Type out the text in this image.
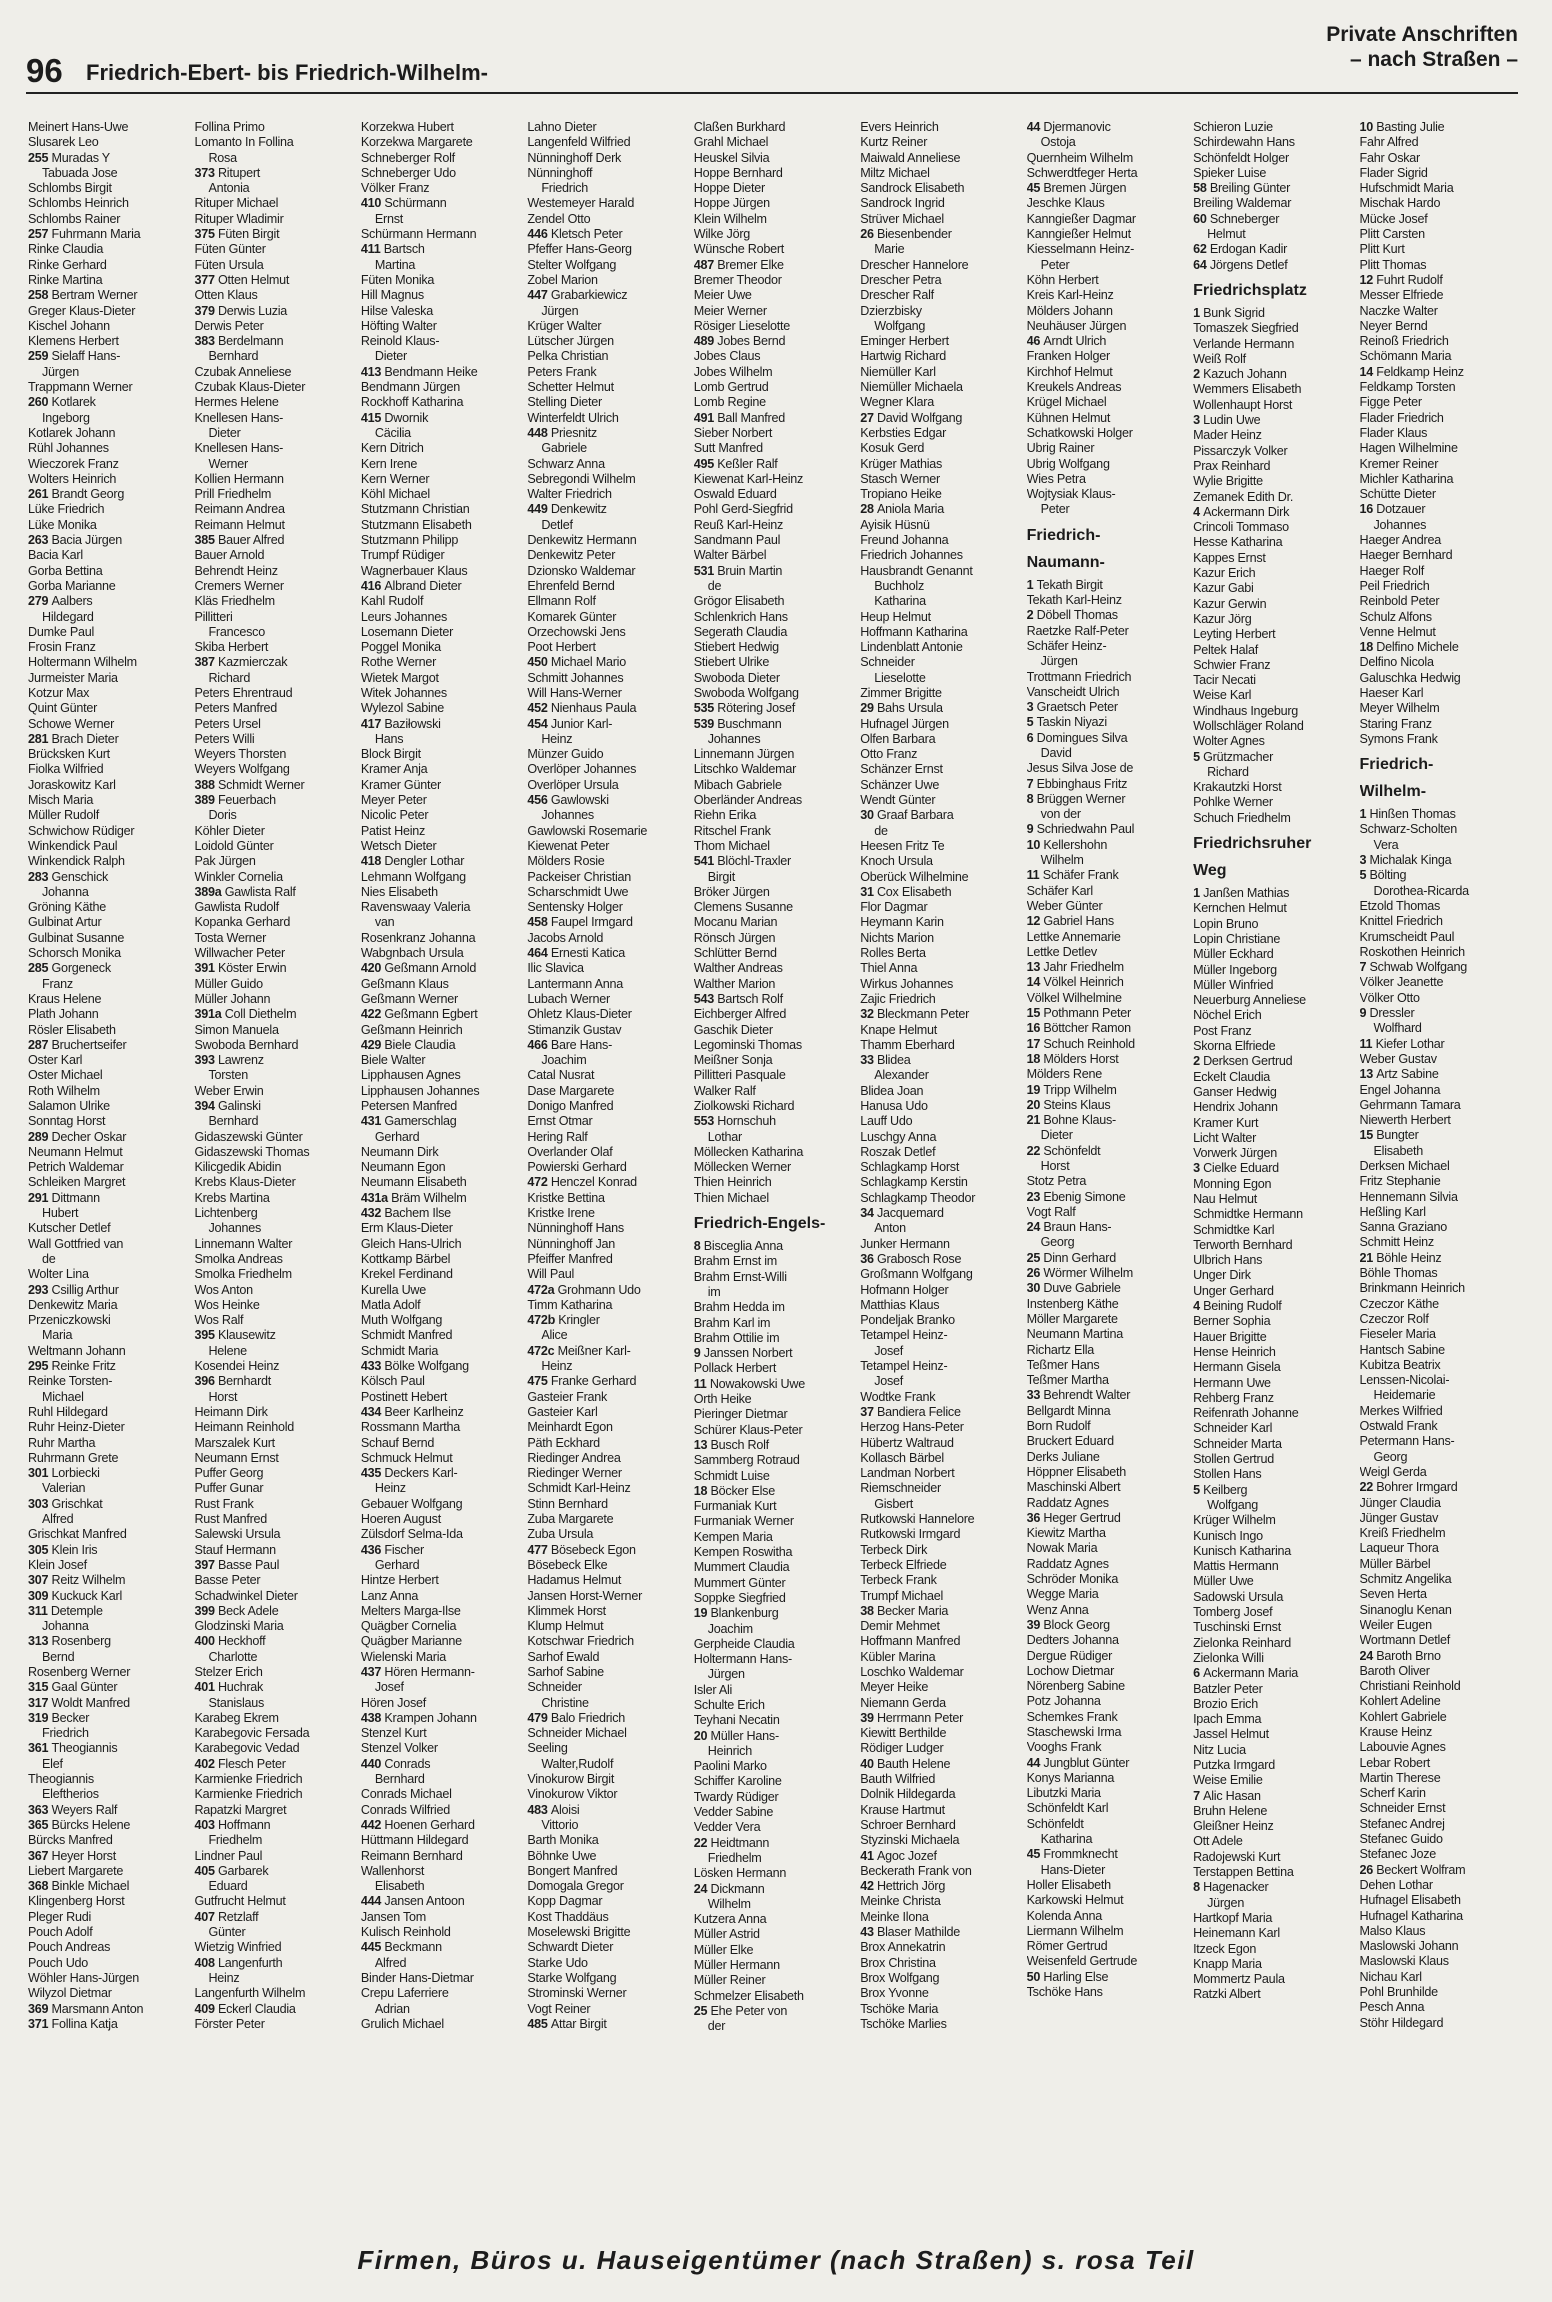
96 Friedrich-Ebert- bis Friedrich-Wilhelm-
Private Anschriften
– nach Straßen –
Meinert Hans-Uwe
Slusarek Leo
255 Muradas Y
Tabuada Jose
Schlombs Birgit
Schlombs Heinrich
Schlombs Rainer
257 Fuhrmann Maria
Rinke Claudia
Rinke Gerhard
Rinke Martina
258 Bertram Werner
Greger Klaus-Dieter
Kischel Johann
Klemens Herbert
259 Sielaff Hans-
Jürgen
Trappmann Werner
260 Kotlarek
Ingeborg
Kotlarek Johann
Rühl Johannes
Wieczorek Franz
Wolters Heinrich
261 Brandt Georg
Lüke Friedrich
Lüke Monika
263 Bacia Jürgen
Bacia Karl
Gorba Bettina
Gorba Marianne
279 Aalbers
Hildegard
Dumke Paul
Frosin Franz
Holtermann Wilhelm
Jurmeister Maria
Kotzur Max
Quint Günter
Schowe Werner
281 Brach Dieter
Brücksken Kurt
Fiolka Wilfried
Joraskowitz Karl
Misch Maria
Müller Rudolf
Schwichow Rüdiger
Winkendick Paul
Winkendick Ralph
283 Genschick
Johanna
Gröning Käthe
Gulbinat Artur
Gulbinat Susanne
Schorsch Monika
285 Gorgeneck
Franz
Kraus Helene
Plath Johann
Rösler Elisabeth
287 Bruchertseifer
Oster Karl
Oster Michael
Roth Wilhelm
Salamon Ulrike
Sonntag Horst
289 Decher Oskar
Neumann Helmut
Petrich Waldemar
Schleiken Margret
291 Dittmann
Hubert
Kutscher Detlef
Wall Gottfried van
de
Wolter Lina
293 Csillig Arthur
Denkewitz Maria
Przeniczkowski
Maria
Weltmann Johann
295 Reinke Fritz
Reinke Torsten-
Michael
Ruhl Hildegard
Ruhr Heinz-Dieter
Ruhr Martha
Ruhrmann Grete
301 Lorbiecki
Valerian
303 Grischkat
Alfred
Grischkat Manfred
305 Klein Iris
Klein Josef
307 Reitz Wilhelm
309 Kuckuck Karl
311 Detemple
Johanna
313 Rosenberg
Bernd
Rosenberg Werner
315 Gaal Günter
317 Woldt Manfred
319 Becker
Friedrich
361 Theogiannis
Elef
Theogiannis
Eleftherios
363 Weyers Ralf
365 Bürcks Helene
Bürcks Manfred
367 Heyer Horst
Liebert Margarete
368 Binkle Michael
Klingenberg Horst
Pleger Rudi
Pouch Adolf
Pouch Andreas
Pouch Udo
Wöhler Hans-Jürgen
Wilyzol Dietmar
369 Marsmann Anton
371 Follina Katja
Follina Primo
Lomanto In Follina
Rosa
373 Ritupert
Antonia
Rituper Michael
Rituper Wladimir
375 Füten Birgit
Füten Günter
Füten Ursula
377 Otten Helmut
Otten Klaus
379 Derwis Luzia
Derwis Peter
383 Berdelmann
Bernhard
Czubak Anneliese
Czubak Klaus-Dieter
Hermes Helene
Knellesen Hans-
Dieter
Knellesen Hans-
Werner
Kollien Hermann
Prill Friedhelm
Reimann Andrea
Reimann Helmut
385 Bauer Alfred
Bauer Arnold
Behrendt Heinz
Cremers Werner
Kläs Friedhelm
Pillitteri
Francesco
Skiba Herbert
387 Kazmierczak
Richard
Peters Ehrentraud
Peters Manfred
Peters Ursel
Peters Willi
Weyers Thorsten
Weyers Wolfgang
388 Schmidt Werner
389 Feuerbach
Doris
Köhler Dieter
Loidold Günter
Pak Jürgen
Winkler Cornelia
389a Gawlista Ralf
Gawlista Rudolf
Kopanka Gerhard
Tosta Werner
Willwacher Peter
391 Köster Erwin
Müller Guido
Müller Johann
391a Coll Diethelm
Simon Manuela
Swoboda Bernhard
393 Lawrenz
Torsten
Weber Erwin
394 Galinski
Bernhard
Gidaszewski Günter
Gidaszewski Thomas
Kilicgedik Abidin
Krebs Klaus-Dieter
Krebs Martina
Lichtenberg
Johannes
Linnemann Walter
Smolka Andreas
Smolka Friedhelm
Wos Anton
Wos Heinke
Wos Ralf
395 Klausewitz
Helene
Kosendei Heinz
396 Bernhardt
Horst
Heimann Dirk
Heimann Reinhold
Marszalek Kurt
Neumann Ernst
Puffer Georg
Puffer Gunar
Rust Frank
Rust Manfred
Salewski Ursula
Stauf Hermann
397 Basse Paul
Basse Peter
Schadwinkel Dieter
399 Beck Adele
Glodzinski Maria
400 Heckhoff
Charlotte
Stelzer Erich
401 Huchrak
Stanislaus
Karabeg Ekrem
Karabegovic Fersada
Karabegovic Vedad
402 Flesch Peter
Karmienke Friedrich
Karmienke Friedrich
Rapatzki Margret
403 Hoffmann
Friedhelm
Lindner Paul
405 Garbarek
Eduard
Gutfrucht Helmut
407 Retzlaff
Günter
Wietzig Winfried
408 Langenfurth
Heinz
Langenfurth Wilhelm
409 Eckerl Claudia
Förster Peter
Korzekwa Hubert
Korzekwa Margarete
Schneberger Rolf
Schneberger Udo
Völker Franz
410 Schürmann
Ernst
Schürmann Hermann
411 Bartsch
Martina
Füten Monika
Hill Magnus
Hilse Valeska
Höfting Walter
Reinold Klaus-
Dieter
413 Bendmann Heike
Bendmann Jürgen
Rockhoff Katharina
415 Dwornik
Cäcilia
Kern Ditrich
Kern Irene
Kern Werner
Köhl Michael
Stutzmann Christian
Stutzmann Elisabeth
Stutzmann Philipp
Trumpf Rüdiger
Wagnerbauer Klaus
416 Albrand Dieter
Kahl Rudolf
Leurs Johannes
Losemann Dieter
Poggel Monika
Rothe Werner
Wietek Margot
Witek Johannes
Wylezol Sabine
417 Baziłowski
Hans
Block Birgit
Kramer Anja
Kramer Günter
Meyer Peter
Nicolic Peter
Patist Heinz
Wetsch Dieter
418 Dengler Lothar
Lehmann Wolfgang
Nies Elisabeth
Ravenswaay Valeria
van
Rosenkranz Johanna
Wabgnbach Ursula
420 Geßmann Arnold
Geßmann Klaus
Geßmann Werner
422 Geßmann Egbert
Geßmann Heinrich
429 Biele Claudia
Biele Walter
Lipphausen Agnes
Lipphausen Johannes
Petersen Manfred
431 Gamerschlag
Gerhard
Neumann Dirk
Neumann Egon
Neumann Elisabeth
431a Bräm Wilhelm
432 Bachem Ilse
Erm Klaus-Dieter
Gleich Hans-Ulrich
Kottkamp Bärbel
Krekel Ferdinand
Kurella Uwe
Matla Adolf
Muth Wolfgang
Schmidt Manfred
Schmidt Maria
433 Bölke Wolfgang
Kölsch Paul
Postinett Hebert
434 Beer Karlheinz
Rossmann Martha
Schauf Bernd
Schmuck Helmut
435 Deckers Karl-
Heinz
Gebauer Wolfgang
Hoeren August
Zülsdorf Selma-Ida
436 Fischer
Gerhard
Hintze Herbert
Lanz Anna
Melters Marga-Ilse
Quägber Cornelia
Quägber Marianne
Wielenski Maria
437 Hören Hermann-
Josef
Hören Josef
438 Krampen Johann
Stenzel Kurt
Stenzel Volker
440 Conrads
Bernhard
Conrads Michael
Conrads Wilfried
442 Hoenen Gerhard
Hüttmann Hildegard
Reimann Bernhard
Wallenhorst
Elisabeth
444 Jansen Antoon
Jansen Tom
Kulisch Reinhold
445 Beckmann
Alfred
Binder Hans-Dietmar
Crepu Laferriere
Adrian
Grulich Michael
Lahno Dieter
Langenfeld Wilfried
Nünninghoff Derk
Nünninghoff
Friedrich
Westemeyer Harald
Zendel Otto
446 Kletsch Peter
Pfeffer Hans-Georg
Stelter Wolfgang
Zobel Marion
447 Grabarkiewicz
Jürgen
Krüger Walter
Lütscher Jürgen
Pelka Christian
Peters Frank
Schetter Helmut
Stelling Dieter
Winterfeldt Ulrich
448 Priesnitz
Gabriele
Schwarz Anna
Sebregondi Wilhelm
Walter Friedrich
449 Denkewitz
Detlef
Denkewitz Hermann
Denkewitz Peter
Dzionsko Waldemar
Ehrenfeld Bernd
Ellmann Rolf
Komarek Günter
Orzechowski Jens
Poot Herbert
450 Michael Mario
Schmitt Johannes
Will Hans-Werner
452 Nienhaus Paula
454 Junior Karl-
Heinz
Münzer Guido
Overlöper Johannes
Overlöper Ursula
456 Gawlowski
Johannes
Gawlowski Rosemarie
Kiewenat Peter
Mölders Rosie
Packeiser Christian
Scharschmidt Uwe
Sentensky Holger
458 Faupel Irmgard
Jacobs Arnold
464 Ernesti Katica
Ilic Slavica
Lantermann Anna
Lubach Werner
Ohletz Klaus-Dieter
Stimanzik Gustav
466 Bare Hans-
Joachim
Catal Nusrat
Dase Margarete
Donigo Manfred
Ernst Otmar
Hering Ralf
Overlander Olaf
Powierski Gerhard
472 Henczel Konrad
Kristke Bettina
Kristke Irene
Nünninghoff Hans
Nünninghoff Jan
Pfeiffer Manfred
Will Paul
472a Grohmann Udo
Timm Katharina
472b Kringler
Alice
472c Meißner Karl-
Heinz
475 Franke Gerhard
Gasteier Frank
Gasteier Karl
Meinhardt Egon
Päth Eckhard
Riedinger Andrea
Riedinger Werner
Schmidt Karl-Heinz
Stinn Bernhard
Zuba Margarete
Zuba Ursula
477 Bösebeck Egon
Bösebeck Elke
Hadamus Helmut
Jansen Horst-Werner
Klimmek Horst
Klump Helmut
Kotschwar Friedrich
Sarhof Ewald
Sarhof Sabine
Schneider
Christine
479 Balo Friedrich
Schneider Michael
Seeling
Walter,Rudolf
Vinokurow Birgit
Vinokurow Viktor
483 Aloisi
Vittorio
Barth Monika
Böhnke Uwe
Bongert Manfred
Domogala Gregor
Kopp Dagmar
Kost Thaddäus
Moselewski Brigitte
Schwardt Dieter
Starke Udo
Starke Wolfgang
Strominski Werner
Vogt Reiner
485 Attar Birgit
Claßen Burkhard
Grahl Michael
Heuskel Silvia
Hoppe Bernhard
Hoppe Dieter
Hoppe Jürgen
Klein Wilhelm
Wilke Jörg
Wünsche Robert
487 Bremer Elke
Bremer Theodor
Meier Uwe
Meier Werner
Rösiger Lieselotte
489 Jobes Bernd
Jobes Claus
Jobes Wilhelm
Lomb Gertrud
Lomb Regine
491 Ball Manfred
Sieber Norbert
Sutt Manfred
495 Keßler Ralf
Kiewenat Karl-Heinz
Oswald Eduard
Pohl Gerd-Siegfrid
Reuß Karl-Heinz
Sandmann Paul
Walter Bärbel
531 Bruin Martin
de
Grögor Elisabeth
Schlenkrich Hans
Segerath Claudia
Stiebert Hedwig
Stiebert Ulrike
Swoboda Dieter
Swoboda Wolfgang
535 Rötering Josef
539 Buschmann
Johannes
Linnemann Jürgen
Litschko Waldemar
Mibach Gabriele
Oberländer Andreas
Riehn Erika
Ritschel Frank
Thom Michael
541 Blöchl-Traxler
Birgit
Bröker Jürgen
Clemens Susanne
Mocanu Marian
Rönsch Jürgen
Schlütter Bernd
Walther Andreas
Walther Marion
543 Bartsch Rolf
Eichberger Alfred
Gaschik Dieter
Legominski Thomas
Meißner Sonja
Pillitteri Pasquale
Walker Ralf
Ziolkowski Richard
553 Hornschuh
Lothar
Möllecken Katharina
Möllecken Werner
Thien Heinrich
Thien Michael
Friedrich-Engels-
8 Bisceglia Anna
Brahm Ernst im
Brahm Ernst-Willi
im
Brahm Hedda im
Brahm Karl im
Brahm Ottilie im
9 Janssen Norbert
Pollack Herbert
11 Nowakowski Uwe
Orth Heike
Pieringer Dietmar
Schürer Klaus-Peter
13 Busch Rolf
Sammberg Rotraud
Schmidt Luise
18 Böcker Else
Furmaniak Kurt
Furmaniak Werner
Kempen Maria
Kempen Roswitha
Mummert Claudia
Mummert Günter
Soppke Siegfried
19 Blankenburg
Joachim
Gerpheide Claudia
Holtermann Hans-
Jürgen
Isler Ali
Schulte Erich
Teyhani Necatin
20 Müller Hans-
Heinrich
Paolini Marko
Schiffer Karoline
Twardy Rüdiger
Vedder Sabine
Vedder Vera
22 Heidtmann
Friedhelm
Lösken Hermann
24 Dickmann
Wilhelm
Kutzera Anna
Müller Astrid
Müller Elke
Müller Hermann
Müller Reiner
Schmelzer Elisabeth
25 Ehe Peter von
der
Evers Heinrich
Kurtz Reiner
Maiwald Anneliese
Miltz Michael
Sandrock Elisabeth
Sandrock Ingrid
Strüver Michael
26 Biesenbender
Marie
Drescher Hannelore
Drescher Petra
Drescher Ralf
Dzierzbisky
Wolfgang
Eminger Herbert
Hartwig Richard
Niemüller Karl
Niemüller Michaela
Wegner Klara
27 David Wolfgang
Kerbsties Edgar
Kosuk Gerd
Krüger Mathias
Stasch Werner
Tropiano Heike
28 Aniola Maria
Ayisik Hüsnü
Freund Johanna
Friedrich Johannes
Hausbrandt Genannt
Buchholz
Katharina
Heup Helmut
Hoffmann Katharina
Lindenblatt Antonie
Schneider
Lieselotte
Zimmer Brigitte
29 Bahs Ursula
Hufnagel Jürgen
Olfen Barbara
Otto Franz
Schänzer Ernst
Schänzer Uwe
Wendt Günter
30 Graaf Barbara
de
Heesen Fritz Te
Knoch Ursula
Oberück Wilhelmine
31 Cox Elisabeth
Flor Dagmar
Heymann Karin
Nichts Marion
Rolles Berta
Thiel Anna
Wirkus Johannes
Zajic Friedrich
32 Bleckmann Peter
Knape Helmut
Thamm Eberhard
33 Blidea
Alexander
Blidea Joan
Hanusa Udo
Lauff Udo
Luschgy Anna
Roszak Detlef
Schlagkamp Horst
Schlagkamp Kerstin
Schlagkamp Theodor
34 Jacquemard
Anton
Junker Hermann
36 Grabosch Rose
Großmann Wolfgang
Hofmann Holger
Matthias Klaus
Pondeljak Branko
Tetampel Heinz-
Josef
Tetampel Heinz-
Josef
Wodtke Frank
37 Bandiera Felice
Herzog Hans-Peter
Hübertz Waltraud
Kollasch Bärbel
Landman Norbert
Riemschneider
Gisbert
Rutkowski Hannelore
Rutkowski Irmgard
Terbeck Dirk
Terbeck Elfriede
Terbeck Frank
Trumpf Michael
38 Becker Maria
Demir Mehmet
Hoffmann Manfred
Kübler Marina
Loschko Waldemar
Meyer Heike
Niemann Gerda
39 Herrmann Peter
Kiewitt Berthilde
Rödiger Ludger
40 Bauth Helene
Bauth Wilfried
Dolnik Hildegarda
Krause Hartmut
Schroer Bernhard
Styzinski Michaela
41 Agoc Jozef
Beckerath Frank von
42 Hettrich Jörg
Meinke Christa
Meinke Ilona
43 Blaser Mathilde
Brox Annekatrin
Brox Christina
Brox Wolfgang
Brox Yvonne
Tschöke Maria
Tschöke Marlies
44 Djermanovic
Ostoja
Quernheim Wilhelm
Schwerdtfeger Herta
45 Bremen Jürgen
Jeschke Klaus
Kanngießer Dagmar
Kanngießer Helmut
Kiesselmann Heinz-
Peter
Köhn Herbert
Kreis Karl-Heinz
Mölders Johann
Neuhäuser Jürgen
46 Arndt Ulrich
Franken Holger
Kirchhof Helmut
Kreukels Andreas
Krügel Michael
Kühnen Helmut
Schatkowski Holger
Ubrig Rainer
Ubrig Wolfgang
Wies Petra
Wojtysiak Klaus-
Peter
Friedrich-
Naumann-
1 Tekath Birgit
Tekath Karl-Heinz
2 Döbell Thomas
Raetzke Ralf-Peter
Schäfer Heinz-
Jürgen
Trottmann Friedrich
Vanscheidt Ulrich
3 Graetsch Peter
5 Taskin Niyazi
6 Domingues Silva
David
Jesus Silva Jose de
7 Ebbinghaus Fritz
8 Brüggen Werner
von der
9 Schriedwahn Paul
10 Kellershohn
Wilhelm
11 Schäfer Frank
Schäfer Karl
Weber Günter
12 Gabriel Hans
Lettke Annemarie
Lettke Detlev
13 Jahr Friedhelm
14 Völkel Heinrich
Völkel Wilhelmine
15 Pothmann Peter
16 Böttcher Ramon
17 Schuch Reinhold
18 Mölders Horst
Mölders Rene
19 Tripp Wilhelm
20 Steins Klaus
21 Bohne Klaus-
Dieter
22 Schönfeldt
Horst
Stotz Petra
23 Ebenig Simone
Vogt Ralf
24 Braun Hans-
Georg
25 Dinn Gerhard
26 Wörmer Wilhelm
30 Duve Gabriele
Instenberg Käthe
Möller Margarete
Neumann Martina
Richartz Ella
Teßmer Hans
Teßmer Martha
33 Behrendt Walter
Bellgardt Minna
Born Rudolf
Bruckert Eduard
Derks Juliane
Höppner Elisabeth
Maschinski Albert
Raddatz Agnes
36 Heger Gertrud
Kiewitz Martha
Nowak Maria
Raddatz Agnes
Schröder Monika
Wegge Maria
Wenz Anna
39 Block Georg
Dedters Johanna
Dergue Rüdiger
Lochow Dietmar
Nörenberg Sabine
Potz Johanna
Schemkes Frank
Staschewski Irma
Vooghs Frank
44 Jungblut Günter
Konys Marianna
Libutzki Maria
Schönfeldt Karl
Schönfeldt
Katharina
45 Frommknecht
Hans-Dieter
Holler Elisabeth
Karkowski Helmut
Kolenda Anna
Liermann Wilhelm
Römer Gertrud
Weisenfeld Gertrude
50 Harling Else
Tschöke Hans
Schieron Luzie
Schirdewahn Hans
Schönfeldt Holger
Spieker Luise
58 Breiling Günter
Breiling Waldemar
60 Schneberger
Helmut
62 Erdogan Kadir
64 Jörgens Detlef
Friedrichsplatz
1 Bunk Sigrid
Tomaszek Siegfried
Verlande Hermann
Weiß Rolf
2 Kazuch Johann
Wemmers Elisabeth
Wollenhaupt Horst
3 Ludin Uwe
Mader Heinz
Pissarczyk Volker
Prax Reinhard
Wylie Brigitte
Zemanek Edith Dr.
4 Ackermann Dirk
Crincoli Tommaso
Hesse Katharina
Kappes Ernst
Kazur Erich
Kazur Gabi
Kazur Gerwin
Kazur Jörg
Leyting Herbert
Peltek Halaf
Schwier Franz
Tacir Necati
Weise Karl
Windhaus Ingeburg
Wollschläger Roland
Wolter Agnes
5 Grützmacher
Richard
Krakautzki Horst
Pohlke Werner
Schuch Friedhelm
Friedrichsruher
Weg
1 Janßen Mathias
Kernchen Helmut
Lopin Bruno
Lopin Christiane
Müller Eckhard
Müller Ingeborg
Müller Winfried
Neuerburg Anneliese
Nöchel Erich
Post Franz
Skorna Elfriede
2 Derksen Gertrud
Eckelt Claudia
Ganser Hedwig
Hendrix Johann
Kramer Kurt
Licht Walter
Vorwerk Jürgen
3 Cielke Eduard
Monning Egon
Nau Helmut
Schmidtke Hermann
Schmidtke Karl
Terworth Bernhard
Ulbrich Hans
Unger Dirk
Unger Gerhard
4 Beining Rudolf
Berner Sophia
Hauer Brigitte
Hense Heinrich
Hermann Gisela
Hermann Uwe
Rehberg Franz
Reifenrath Johanne
Schneider Karl
Schneider Marta
Stollen Gertrud
Stollen Hans
5 Keilberg
Wolfgang
Krüger Wilhelm
Kunisch Ingo
Kunisch Katharina
Mattis Hermann
Müller Uwe
Sadowski Ursula
Tomberg Josef
Tuschinski Ernst
Zielonka Reinhard
Zielonka Willi
6 Ackermann Maria
Batzler Peter
Brozio Erich
Ipach Emma
Jassel Helmut
Nitz Lucia
Putzka Irmgard
Weise Emilie
7 Alic Hasan
Bruhn Helene
Gleißner Heinz
Ott Adele
Radojewski Kurt
Terstappen Bettina
8 Hagenacker
Jürgen
Hartkopf Maria
Heinemann Karl
Itzeck Egon
Knapp Maria
Mommertz Paula
Ratzki Albert
10 Basting Julie
Fahr Alfred
Fahr Oskar
Flader Sigrid
Hufschmidt Maria
Mischak Hardo
Mücke Josef
Plitt Carsten
Plitt Kurt
Plitt Thomas
12 Fuhrt Rudolf
Messer Elfriede
Naczke Walter
Neyer Bernd
Reinoß Friedrich
Schömann Maria
14 Feldkamp Heinz
Feldkamp Torsten
Figge Peter
Flader Friedrich
Flader Klaus
Hagen Wilhelmine
Kremer Reiner
Michler Katharina
Schütte Dieter
16 Dotzauer
Johannes
Haeger Andrea
Haeger Bernhard
Haeger Rolf
Peil Friedrich
Reinbold Peter
Schulz Alfons
Venne Helmut
18 Delfino Michele
Delfino Nicola
Galuschka Hedwig
Haeser Karl
Meyer Wilhelm
Staring Franz
Symons Frank
Friedrich-
Wilhelm-
1 Hinßen Thomas
Schwarz-Scholten
Vera
3 Michalak Kinga
5 Bölting
Dorothea-Ricarda
Etzold Thomas
Knittel Friedrich
Krumscheidt Paul
Roskothen Heinrich
7 Schwab Wolfgang
Völker Jeanette
Völker Otto
9 Dressler
Wolfhard
11 Kiefer Lothar
Weber Gustav
13 Artz Sabine
Engel Johanna
Gehrmann Tamara
Niewerth Herbert
15 Bungter
Elisabeth
Derksen Michael
Fritz Stephanie
Hennemann Silvia
Heßling Karl
Sanna Graziano
Schmitt Heinz
21 Böhle Heinz
Böhle Thomas
Brinkmann Heinrich
Czeczor Käthe
Czeczor Rolf
Fieseler Maria
Hantsch Sabine
Kubitza Beatrix
Lenssen-Nicolai-
Heidemarie
Merkes Wilfried
Ostwald Frank
Petermann Hans-
Georg
Weigl Gerda
22 Bohrer Irmgard
Jünger Claudia
Jünger Gustav
Kreiß Friedhelm
Laqueur Thora
Müller Bärbel
Schmitz Angelika
Seven Herta
Sinanoglu Kenan
Weiler Eugen
Wortmann Detlef
24 Baroth Brno
Baroth Oliver
Christiani Reinhold
Kohlert Adeline
Kohlert Gabriele
Krause Heinz
Labouvie Agnes
Lebar Robert
Martin Therese
Scherf Karin
Schneider Ernst
Stefanec Andrej
Stefanec Guido
Stefanec Joze
26 Beckert Wolfram
Dehen Lothar
Hufnagel Elisabeth
Hufnagel Katharina
Malso Klaus
Maslowski Johann
Maslowski Klaus
Nichau Karl
Pohl Brunhilde
Pesch Anna
Stöhr Hildegard
Firmen, Büros u. Hauseigentümer (nach Straßen) s. rosa Teil
